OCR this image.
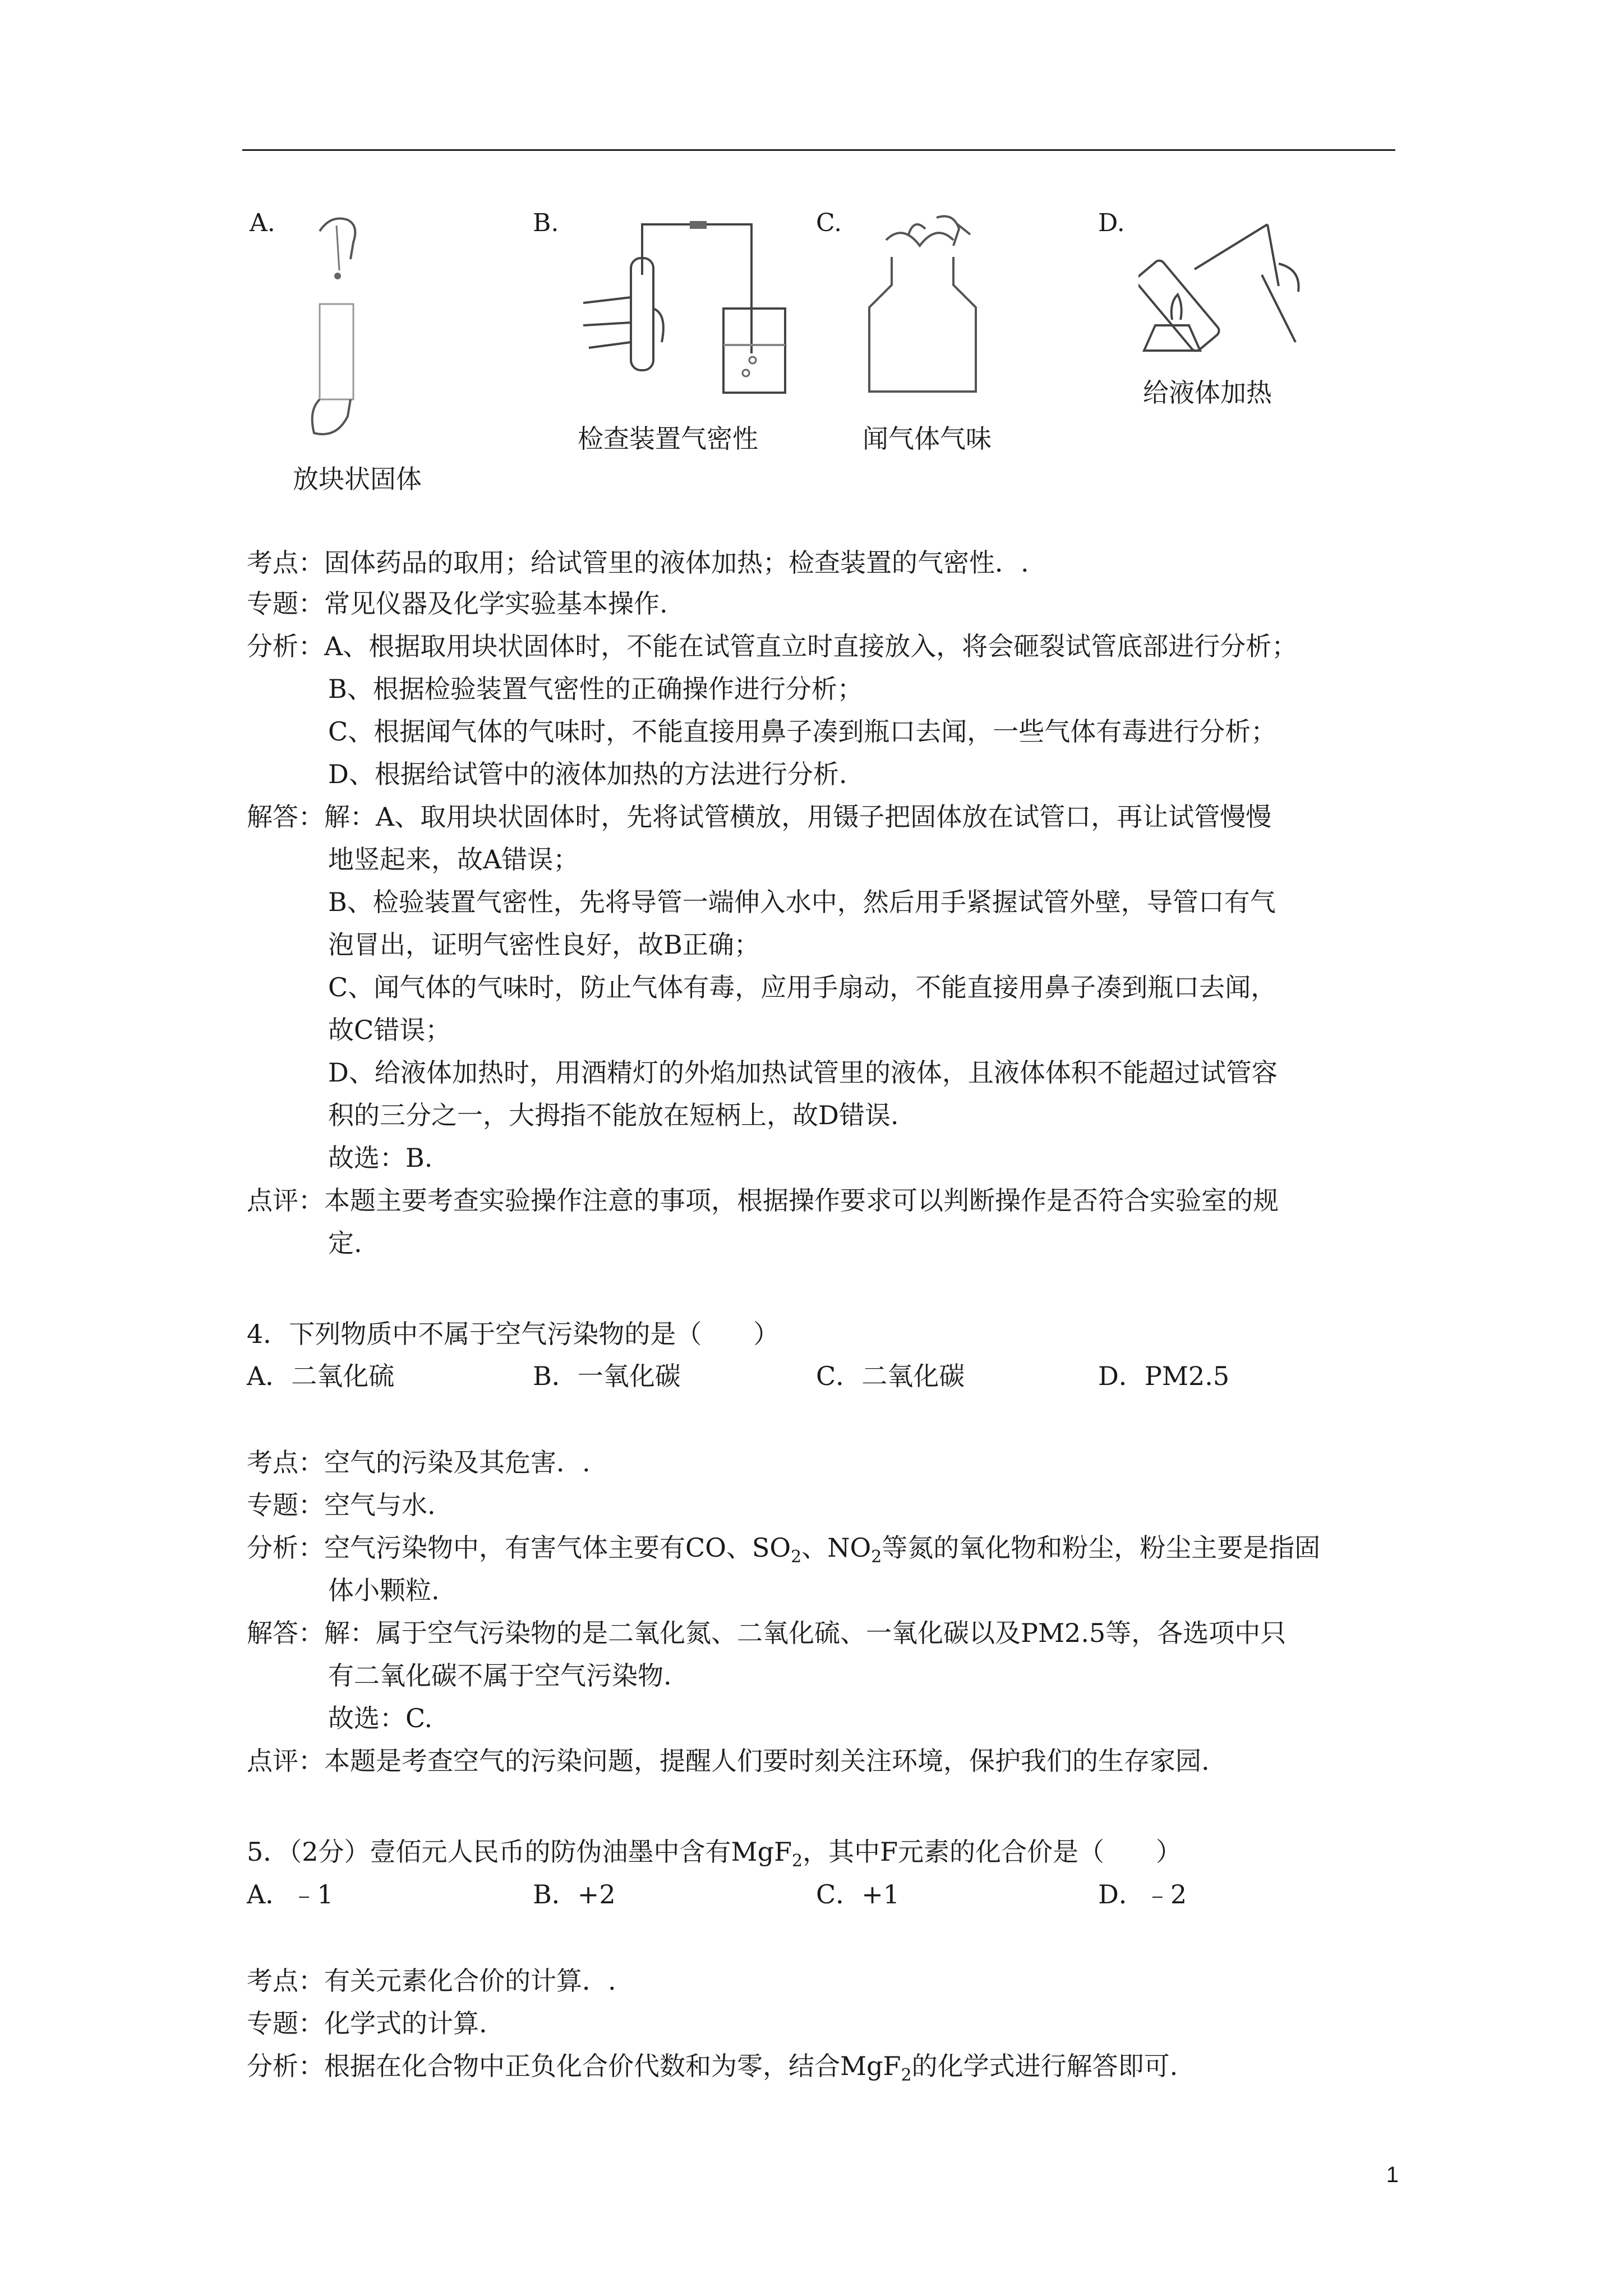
A.
放块状固体
B.
检查装置气密性
C.
闻气体气味
D.
给液体加热
考点：固体药品的取用；给试管里的液体加热；检查装置的气密性．.
专题：常见仪器及化学实验基本操作.
分析：A、根据取用块状固体时，不能在试管直立时直接放入，将会砸裂试管底部进行分析；
B、根据检验装置气密性的正确操作进行分析；
C、根据闻气体的气味时，不能直接用鼻子凑到瓶口去闻，一些气体有毒进行分析；
D、根据给试管中的液体加热的方法进行分析.
解答：解：A、取用块状固体时，先将试管横放，用镊子把固体放在试管口，再让试管慢慢
地竖起来，故A错误；
B、检验装置气密性，先将导管一端伸入水中，然后用手紧握试管外壁，导管口有气
泡冒出，证明气密性良好，故B正确；
C、闻气体的气味时，防止气体有毒，应用手扇动，不能直接用鼻子凑到瓶口去闻，
故C错误；
D、给液体加热时，用酒精灯的外焰加热试管里的液体，且液体体积不能超过试管容
积的三分之一，大拇指不能放在短柄上，故D错误.
故选：B.
点评：本题主要考查实验操作注意的事项，根据操作要求可以判断操作是否符合实验室的规
定.
4．下列物质中不属于空气污染物的是（　　）
A．二氧化硫	B．一氧化碳	C．二氧化碳	D．PM2.5
考点：空气的污染及其危害．.
专题：空气与水.
分析：空气污染物中，有害气体主要有CO、$SO_2$、$NO_2$等氮的氧化物和粉尘，粉尘主要是指固
体小颗粒.
解答：解：属于空气污染物的是二氧化氮、二氧化硫、一氧化碳以及PM2.5等，各选项中只
有二氧化碳不属于空气污染物.
故选：C.
点评：本题是考查空气的污染问题，提醒人们要时刻关注环境，保护我们的生存家园.
5．（2分）壹佰元人民币的防伪油墨中含有MgF$_2$，其中F元素的化合价是（　　）
A．﹣1	B．+2	C．+1	D．﹣2
考点：有关元素化合价的计算．.
专题：化学式的计算.
分析：根据在化合物中正负化合价代数和为零，结合MgF$_2$的化学式进行解答即可.
1
